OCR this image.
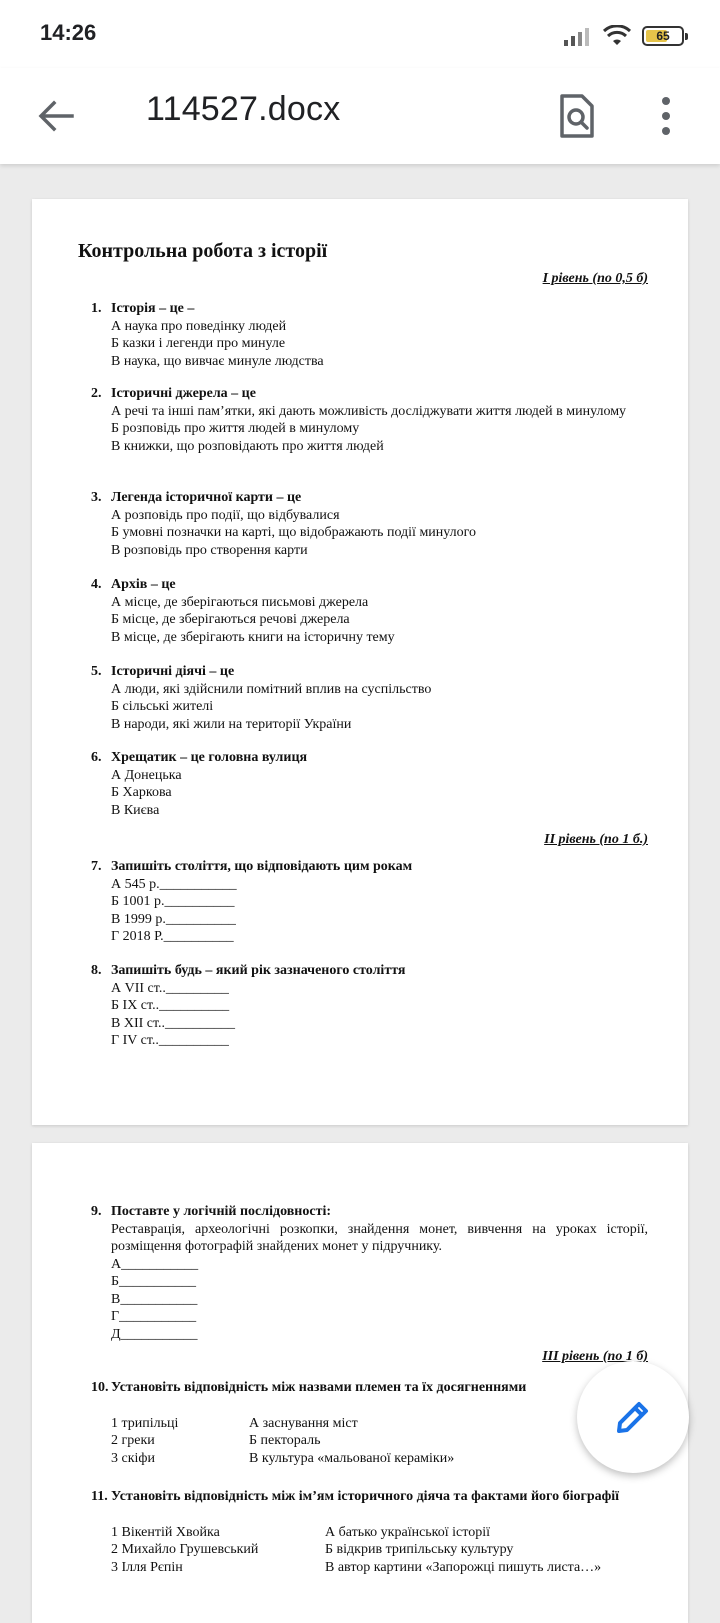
14:26	65
114527.docx
Контрольна робота з історії
І рівень (по 0,5 б)
1. Історія – це –
А наука про поведінку людей
Б казки і легенди про минуле
В наука, що вивчає минуле людства
2. Історичні джерела – це
А речі та інші пам’ятки, які дають можливість досліджувати життя людей в минулому
Б розповідь про життя людей в минулому
В книжки, що розповідають про життя людей
3. Легенда історичної карти – це
А розповідь про події, що відбувалися
Б умовні позначки на карті, що відображають події минулого
В розповідь про створення карти
4. Архів – це
А місце, де зберігаються письмові джерела
Б місце, де зберігаються речові джерела
В місце, де зберігають книги на історичну тему
5. Історичні діячі – це
А люди, які здійснили помітний вплив на суспільство
Б сільські жителі
В народи, які жили на території України
6. Хрещатик – це головна вулиця
А Донецька
Б Харкова
В Києва
ІІ рівень (по 1 б.)
7. Запишіть століття, що відповідають цим рокам
А 545 р.___________
Б 1001 р.__________
В 1999 р.__________
Г 2018 Р.__________
8. Запишіть будь – який рік зазначеного століття
А VII ст.._________
Б IX ст..__________
В XII ст..__________
Г IV ст..__________
9. Поставте у логічній послідовності:
Реставрація, археологічні розкопки, знайдення монет, вивчення на уроках історії, розміщення фотографій знайдених монет у підручнику.
А___________
Б___________
В___________
Г___________
Д___________
ІІІ рівень (по 1 б)
10. Установіть відповідність між назвами племен та їх досягненнями
1 трипільці	А заснування міст
2 греки	Б пектораль
3 скіфи	В культура «мальованої кераміки»
11. Установіть відповідність між ім’ям історичного діяча та фактами його біографії
1 Вікентій Хвойка	А батько української історії
2 Михайло Грушевський	Б відкрив трипільську культуру
3 Ілля Рєпін	В автор картини «Запорожці пишуть листа…»
